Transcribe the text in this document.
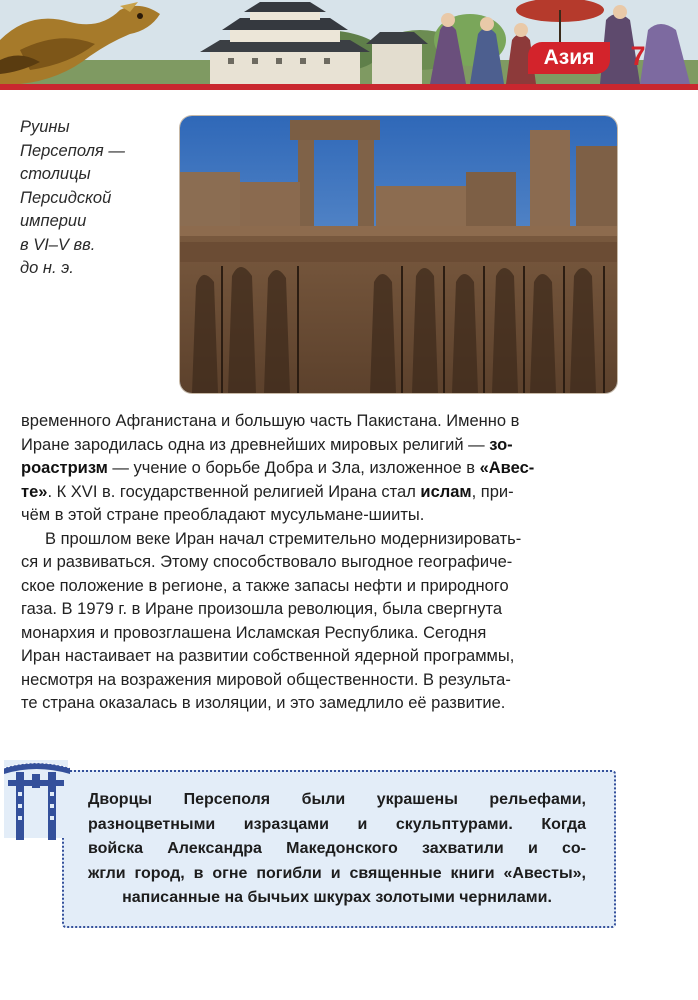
Азия	7
Руины
Персеполя —
столицы
Персидской
империи
в VI–V вв.
до н. э.
временного Афганистана и большую часть Пакистана. Именно в
Иране зародилась одна из древнейших мировых религий — зо-
роастризм — учение о борьбе Добра и Зла, изложенное в «Авес-
те». К XVI в. государственной религией Ирана стал ислам, при-
чём в этой стране преобладают мусульмане-шииты.
В прошлом веке Иран начал стремительно модернизировать-
ся и развиваться. Этому способствовало выгодное географиче-
ское положение в регионе, а также запасы нефти и природного
газа. В 1979 г. в Иране произошла революция, была свергнута
монархия и провозглашена Исламская Республика. Сегодня
Иран настаивает на развитии собственной ядерной программы,
несмотря на возражения мировой общественности. В результа-
те страна оказалась в изоляции, и это замедлило её развитие.
Дворцы Персеполя были украшены рельефами,
разноцветными изразцами и скульптурами. Когда
войска Александра Македонского захватили и со-
жгли город, в огне погибли и священные книги «Авесты»,
написанные на бычьих шкурах золотыми чернилами.
